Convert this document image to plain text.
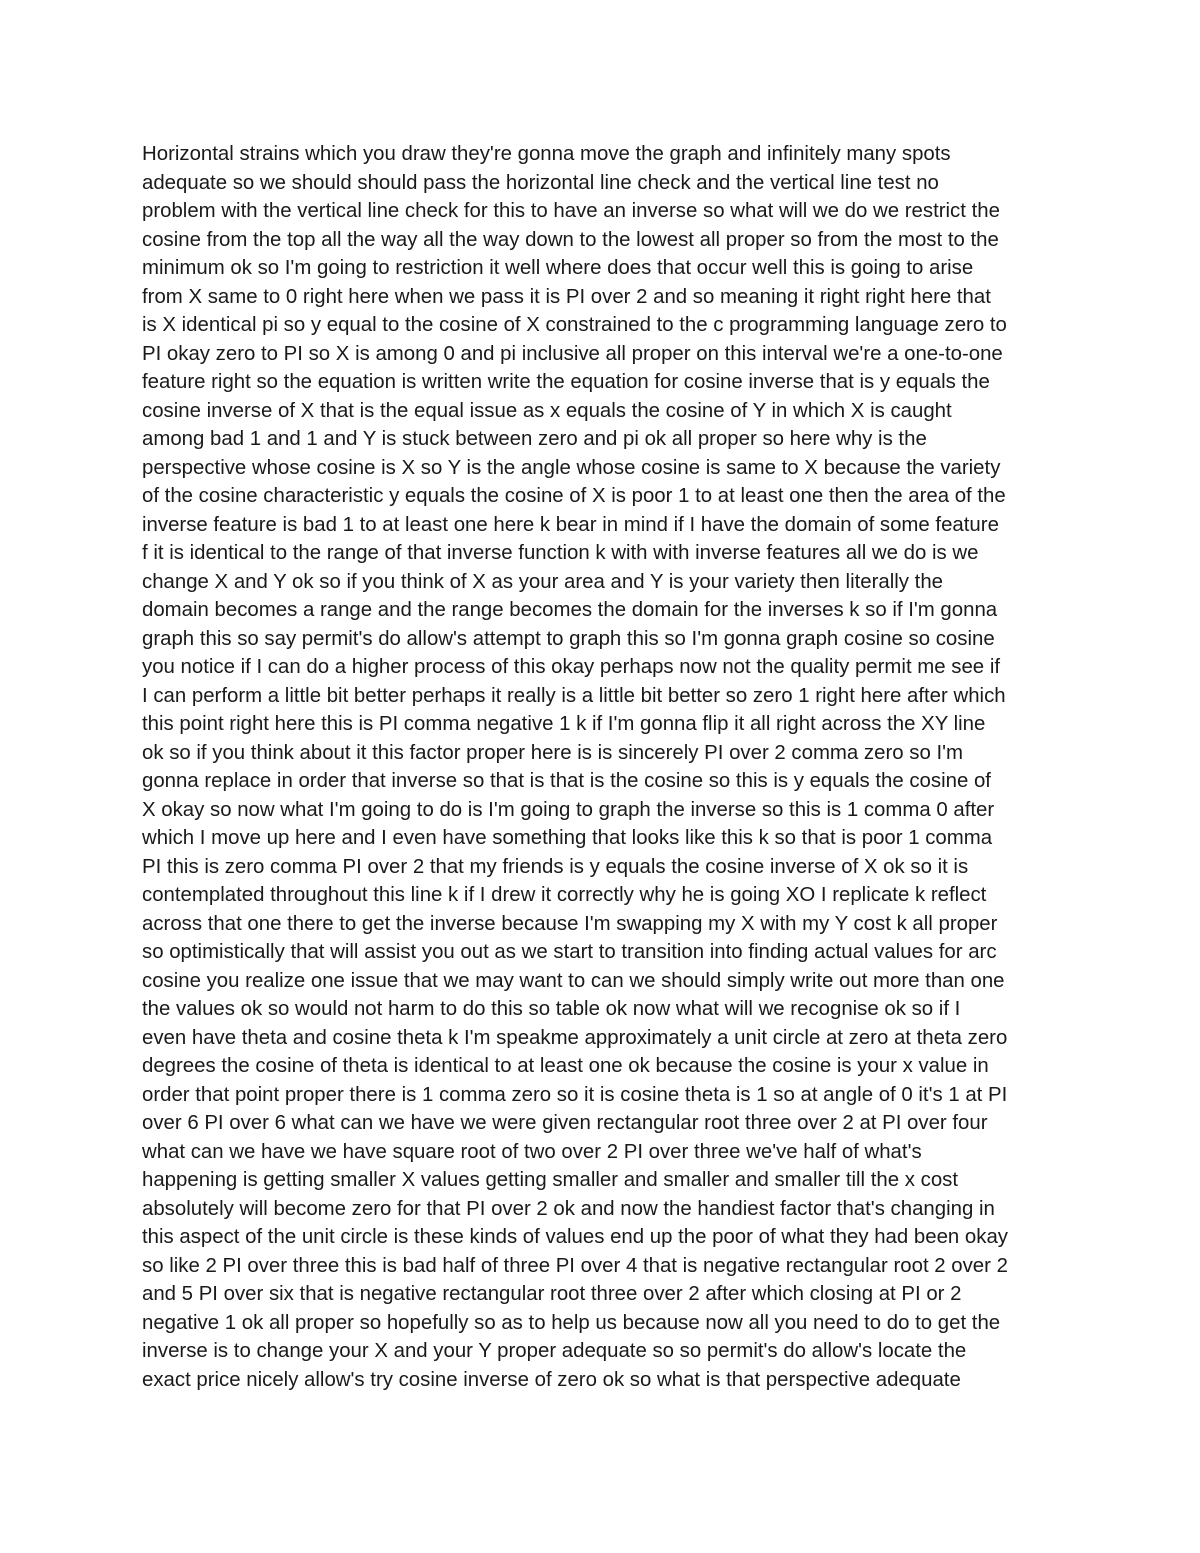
Horizontal strains which you draw they're gonna move the graph and infinitely many spots
adequate so we should should pass the horizontal line check and the vertical line test no
problem with the vertical line check for this to have an inverse so what will we do we restrict the
cosine from the top all the way all the way down to the lowest all proper so from the most to the
minimum ok so I'm going to restriction it well where does that occur well this is going to arise
from X same to 0 right here when we pass it is PI over 2 and so meaning it right right here that
is X identical pi so y equal to the cosine of X constrained to the c programming language zero to
PI okay zero to PI so X is among 0 and pi inclusive all proper on this interval we're a one-to-one
feature right so the equation is written write the equation for cosine inverse that is y equals the
cosine inverse of X that is the equal issue as x equals the cosine of Y in which X is caught
among bad 1 and 1 and Y is stuck between zero and pi ok all proper so here why is the
perspective whose cosine is X so Y is the angle whose cosine is same to X because the variety
of the cosine characteristic y equals the cosine of X is poor 1 to at least one then the area of the
inverse feature is bad 1 to at least one here k bear in mind if I have the domain of some feature
f it is identical to the range of that inverse function k with with inverse features all we do is we
change X and Y ok so if you think of X as your area and Y is your variety then literally the
domain becomes a range and the range becomes the domain for the inverses k so if I'm gonna
graph this so say permit's do allow's attempt to graph this so I'm gonna graph cosine so cosine
you notice if I can do a higher process of this okay perhaps now not the quality permit me see if
I can perform a little bit better perhaps it really is a little bit better so zero 1 right here after which
this point right here this is PI comma negative 1 k if I'm gonna flip it all right across the XY line
ok so if you think about it this factor proper here is is sincerely PI over 2 comma zero so I'm
gonna replace in order that inverse so that is that is the cosine so this is y equals the cosine of
X okay so now what I'm going to do is I'm going to graph the inverse so this is 1 comma 0 after
which I move up here and I even have something that looks like this k so that is poor 1 comma
PI this is zero comma PI over 2 that my friends is y equals the cosine inverse of X ok so it is
contemplated throughout this line k if I drew it correctly why he is going XO I replicate k reflect
across that one there to get the inverse because I'm swapping my X with my Y cost k all proper
so optimistically that will assist you out as we start to transition into finding actual values for arc
cosine you realize one issue that we may want to can we should simply write out more than one
the values ok so would not harm to do this so table ok now what will we recognise ok so if I
even have theta and cosine theta k I'm speakme approximately a unit circle at zero at theta zero
degrees the cosine of theta is identical to at least one ok because the cosine is your x value in
order that point proper there is 1 comma zero so it is cosine theta is 1 so at angle of 0 it's 1 at PI
over 6 PI over 6 what can we have we were given rectangular root three over 2 at PI over four
what can we have we have square root of two over 2 PI over three we've half of what's
happening is getting smaller X values getting smaller and smaller and smaller till the x cost
absolutely will become zero for that PI over 2 ok and now the handiest factor that's changing in
this aspect of the unit circle is these kinds of values end up the poor of what they had been okay
so like 2 PI over three this is bad half of three PI over 4 that is negative rectangular root 2 over 2
and 5 PI over six that is negative rectangular root three over 2 after which closing at PI or 2
negative 1 ok all proper so hopefully so as to help us because now all you need to do to get the
inverse is to change your X and your Y proper adequate so so permit's do allow's locate the
exact price nicely allow's try cosine inverse of zero ok so what is that perspective adequate
